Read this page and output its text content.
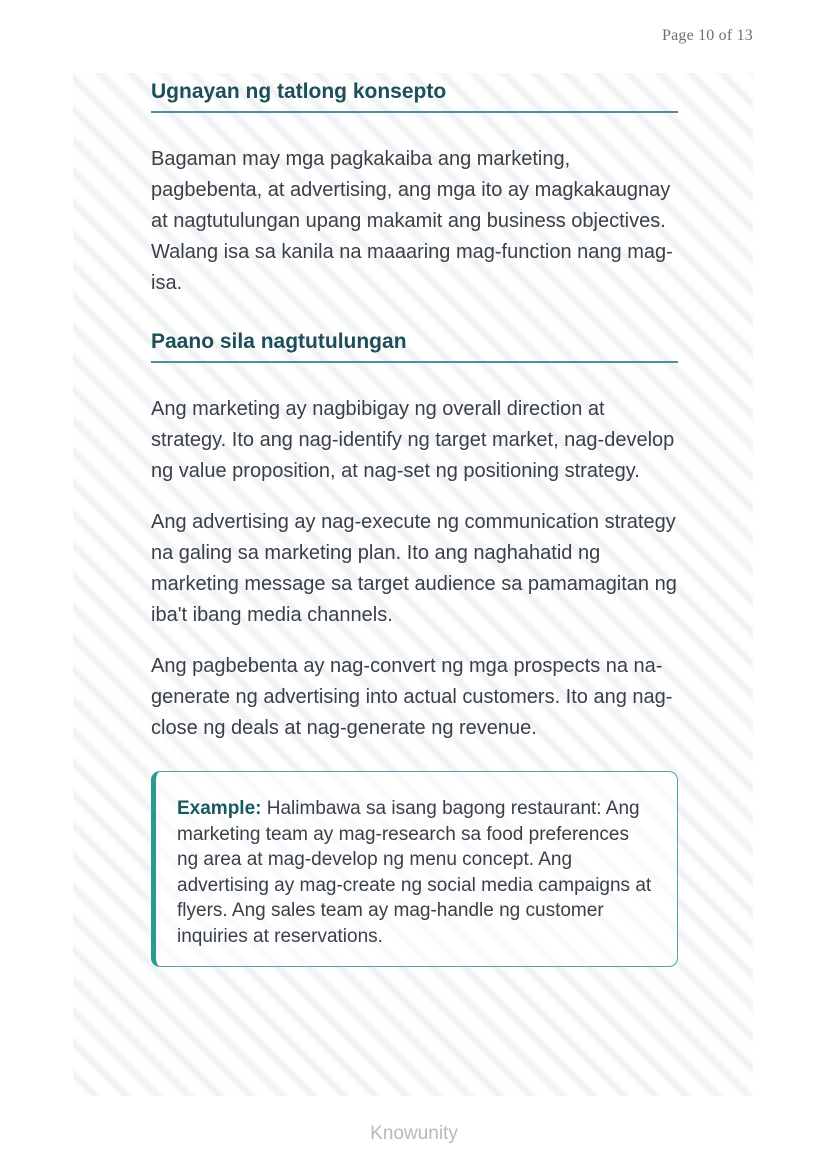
Page 10 of 13
Ugnayan ng tatlong konsepto

Bagaman may mga pagkakaiba ang marketing, pagbebenta, at advertising, ang mga ito ay magkakaugnay at nagtutulungan upang makamit ang business objectives. Walang isa sa kanila na maaaring mag-function nang mag-isa.

Paano sila nagtutulungan

Ang marketing ay nagbibigay ng overall direction at strategy. Ito ang nag-identify ng target market, nag-develop ng value proposition, at nag-set ng positioning strategy.

Ang advertising ay nag-execute ng communication strategy na galing sa marketing plan. Ito ang naghahatid ng marketing message sa target audience sa pamamagitan ng iba't ibang media channels.

Ang pagbebenta ay nag-convert ng mga prospects na na-generate ng advertising into actual customers. Ito ang nag-close ng deals at nag-generate ng revenue.

Example: Halimbawa sa isang bagong restaurant: Ang marketing team ay mag-research sa food preferences ng area at mag-develop ng menu concept. Ang advertising ay mag-create ng social media campaigns at flyers. Ang sales team ay mag-handle ng customer inquiries at reservations.
Knowunity
